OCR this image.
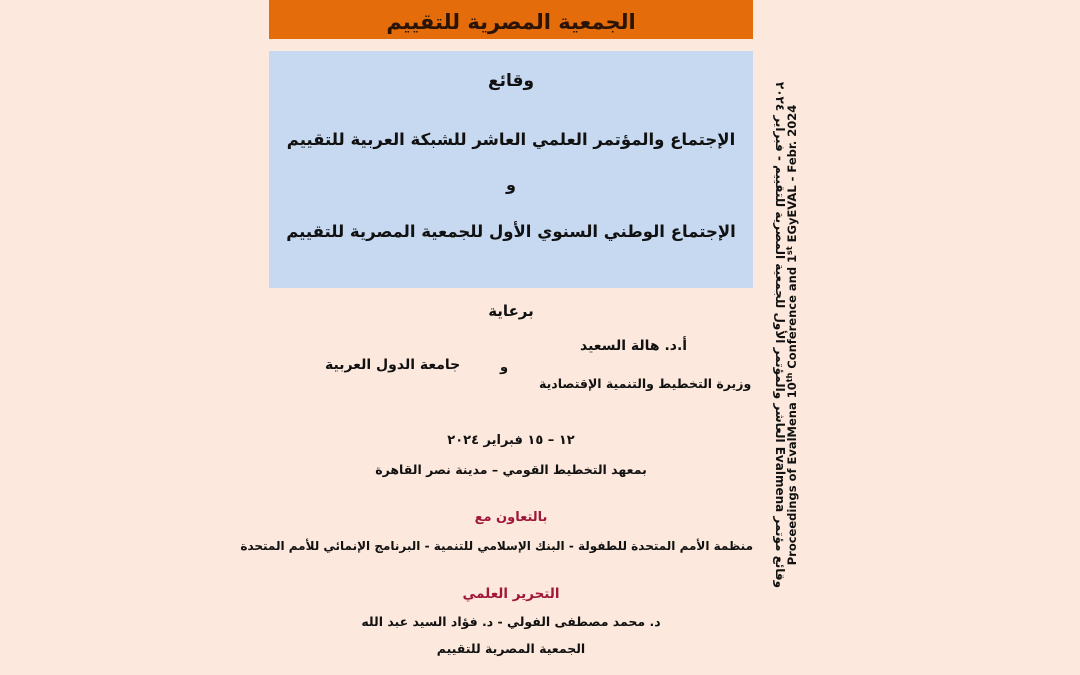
الجمعية المصرية للتقييم
وقائع
الإجتماع والمؤتمر العلمي العاشر للشبكة العربية للتقييم
و
الإجتماع الوطني السنوي الأول للجمعية المصرية للتقييم
برعاية
أ.د. هالة السعيد
و
جامعة الدول العربية
وزيرة التخطيط والتنمية الإقتصادية
١٢ – ١٥ فبراير ٢٠٢٤
بمعهد التخطيط القومي – مدينة نصر القاهرة
بالتعاون مع
منظمة الأمم المتحدة للطفولة - البنك الإسلامي للتنمية - البرنامج الإنمائي للأمم المتحدة
التحرير العلمي
د. محمد مصطفى الفولي - د. فؤاد السيد عبد الله
الجمعية المصرية للتقييم
وقائع مؤتمر Evalmena العاشر والمؤتمر الأول للجمعية المصرية للتقييم - فبراير ٢٠٢٤
Proceedings of EvalMena 10th Conference and 1st EGyEVAL - Febr. 2024
